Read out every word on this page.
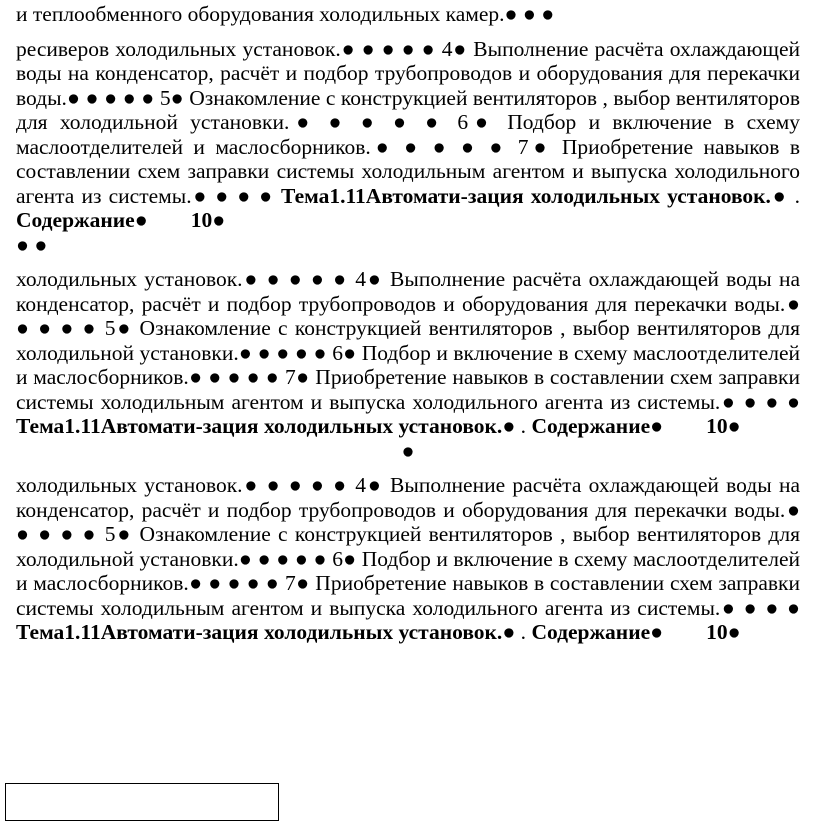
и теплообменного оборудования холодильных камер.● ● ●

ресиверов холодильных установок.● ● ● ● ● 4● Выполнение расчёта охлаждающей воды на конденсатор, расчёт и подбор трубопроводов и оборудования для перекачки воды.● ● ● ● ● 5● Ознакомление с конструкцией вентиляторов , выбор вентиляторов для холодильной установки.● ● ● ● ● 6● Подбор и включение в схему маслоотделителей и маслосборников.● ● ● ● ● 7● Приобретение навыков в составлении схем заправки системы холодильным агентом и выпуска холодильного агента из системы.● ● ● ● Тема1.11Автомати-зация холодильных установок.● . Содержание●        10●
● ●

холодильных установок.● ● ● ● ● 4● Выполнение расчёта охлаждающей воды на конденсатор, расчёт и подбор трубопроводов и оборудования для перекачки воды.● ● ● ● ● 5● Ознакомление с конструкцией вентиляторов , выбор вентиляторов для холодильной установки.● ● ● ● ● 6● Подбор и включение в схему маслоотделителей и маслосборников.● ● ● ● ● 7● Приобретение навыков в составлении схем заправки системы холодильным агентом и выпуска холодильного агента из системы.● ● ● ● Тема1.11Автомати-зация холодильных установок.● . Содержание●        10●

●

холодильных установок.● ● ● ● ● 4● Выполнение расчёта охлаждающей воды на конденсатор, расчёт и подбор трубопроводов и оборудования для перекачки воды.● ● ● ● ● 5● Ознакомление с конструкцией вентиляторов , выбор вентиляторов для холодильной установки.● ● ● ● ● 6● Подбор и включение в схему маслоотделителей и маслосборников.● ● ● ● ● 7● Приобретение навыков в составлении схем заправки системы холодильным агентом и выпуска холодильного агента из системы.● ● ● ● Тема1.11Автомати-зация холодильных установок.● . Содержание●        10●
